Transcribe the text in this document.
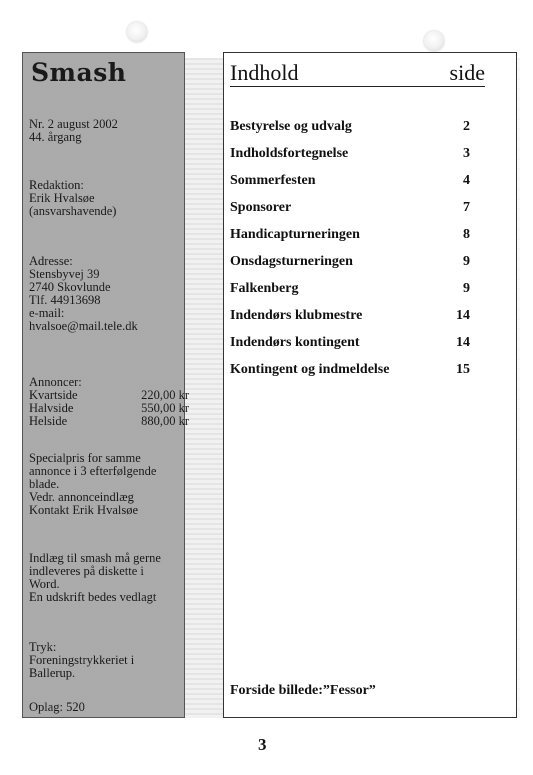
Smash
Nr. 2 august 2002
44. årgang
Redaktion:
Erik Hvalsøe
(ansvarshavende)
Adresse:
Stensbyvej 39
2740 Skovlunde
Tlf. 44913698
e-mail:
hvalsoe@mail.tele.dk
Annoncer:
Kvartside	220,00 kr
Halvside	550,00 kr
Helside	880,00 kr
Specialpris for samme
annonce i 3 efterfølgende
blade.
Vedr. annonceindlæg
Kontakt Erik Hvalsøe
Indlæg til smash må gerne
indleveres på diskette i
Word.
En udskrift bedes vedlagt
Tryk:
Foreningstrykkeriet i
Ballerup.
Oplag: 520
Indhold	side
Bestyrelse og udvalg	2
Indholdsfortegnelse	3
Sommerfesten	4
Sponsorer	7
Handicapturneringen	8
Onsdagsturneringen	9
Falkenberg	9
Indendørs klubmestre	14
Indendørs kontingent	14
Kontingent og indmeldelse	15
Forside billede:”Fessor”
3
